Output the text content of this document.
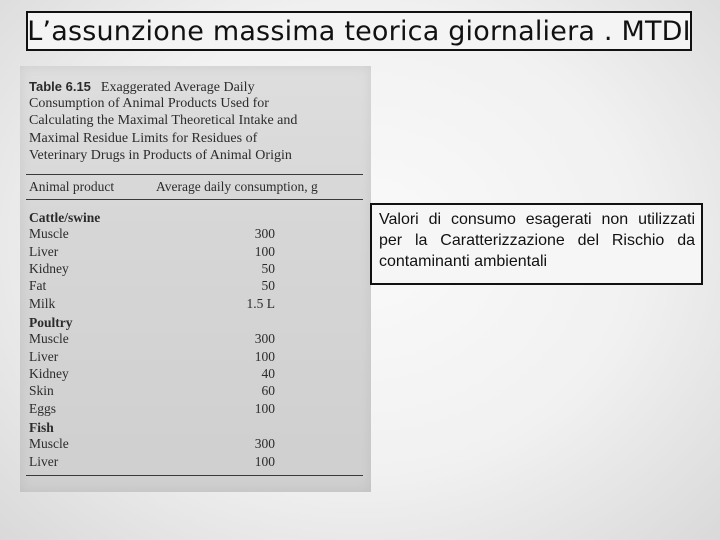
L’assunzione massima teorica giornaliera . MTDI
Table 6.15 Exaggerated Average Daily
Consumption of Animal Products Used for
Calculating the Maximal Theoretical Intake and
Maximal Residue Limits for Residues of
Veterinary Drugs in Products of Animal Origin
Animal product	Average daily consumption, g
Cattle/swine
Muscle	300
Liver	100
Kidney	50
Fat	50
Milk	1.5 L
Poultry
Muscle	300
Liver	100
Kidney	40
Skin	60
Eggs	100
Fish
Muscle	300
Liver	100

Valori di consumo esagerati non utilizzati per la Caratterizzazione del Rischio da contaminanti ambientali
